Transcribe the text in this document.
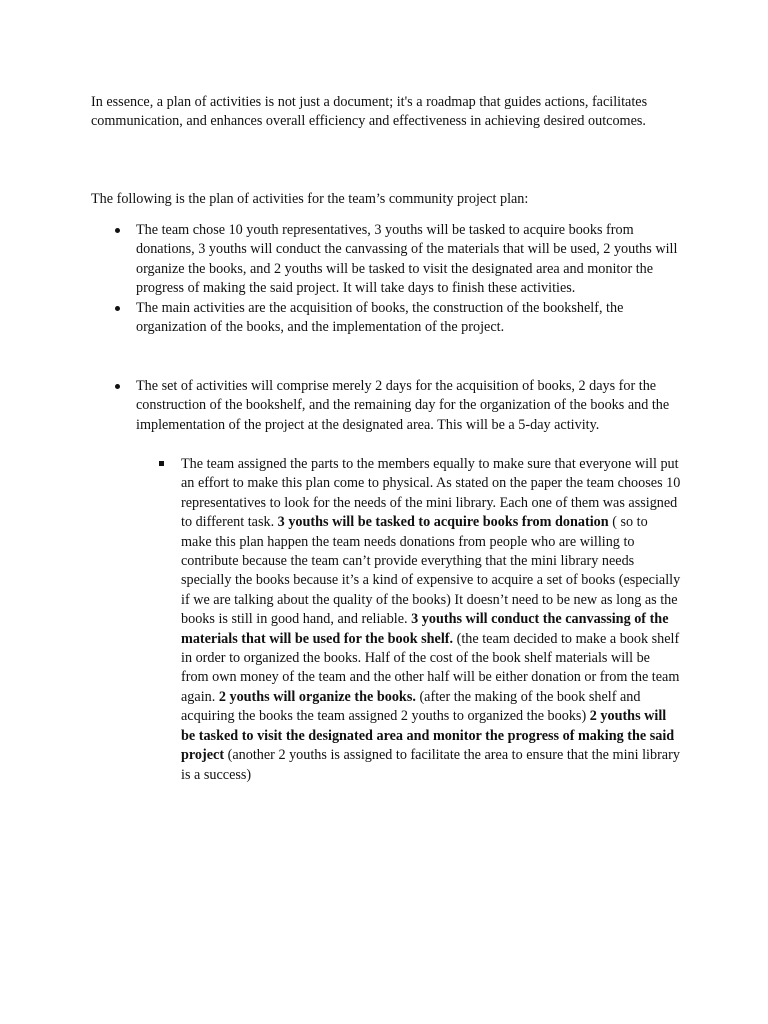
In essence, a plan of activities is not just a document; it's a roadmap that guides actions, facilitates communication, and enhances overall efficiency and effectiveness in achieving desired outcomes.

The following is the plan of activities for the team’s community project plan:

The team chose 10 youth representatives, 3 youths will be tasked to acquire books from donations, 3 youths will conduct the canvassing of the materials that will be used, 2 youths will organize the books, and 2 youths will be tasked to visit the designated area and monitor the progress of making the said project. It will take days to finish these activities.
The main activities are the acquisition of books, the construction of the bookshelf, the organization of the books, and the implementation of the project.
The set of activities will comprise merely 2 days for the acquisition of books, 2 days for the construction of the bookshelf, and the remaining day for the organization of the books and the implementation of the project at the designated area. This will be a 5-day activity.
The team assigned the parts to the members equally to make sure that everyone will put an effort to make this plan come to physical. As stated on the paper the team chooses 10 representatives to look for the needs of the mini library. Each one of them was assigned to different task. 3 youths will be tasked to acquire books from donation ( so to make this plan happen the team needs donations from people who are willing to contribute because the team can’t provide everything that the mini library needs specially the books because it’s a kind of expensive to acquire a set of books (especially if we are talking about the quality of the books) It doesn’t need to be new as long as the books is still in good hand, and reliable. 3 youths will conduct the canvassing of the materials that will be used for the book shelf. (the team decided to make a book shelf in order to organized the books. Half of the cost of the book shelf materials will be from own money of the team and the other half will be either donation or from the team again. 2 youths will organize the books. (after the making of the book shelf and acquiring the books the team assigned 2 youths to organized the books) 2 youths will be tasked to visit the designated area and monitor the progress of making the said project (another 2 youths is assigned to facilitate the area to ensure that the mini library is a success)
